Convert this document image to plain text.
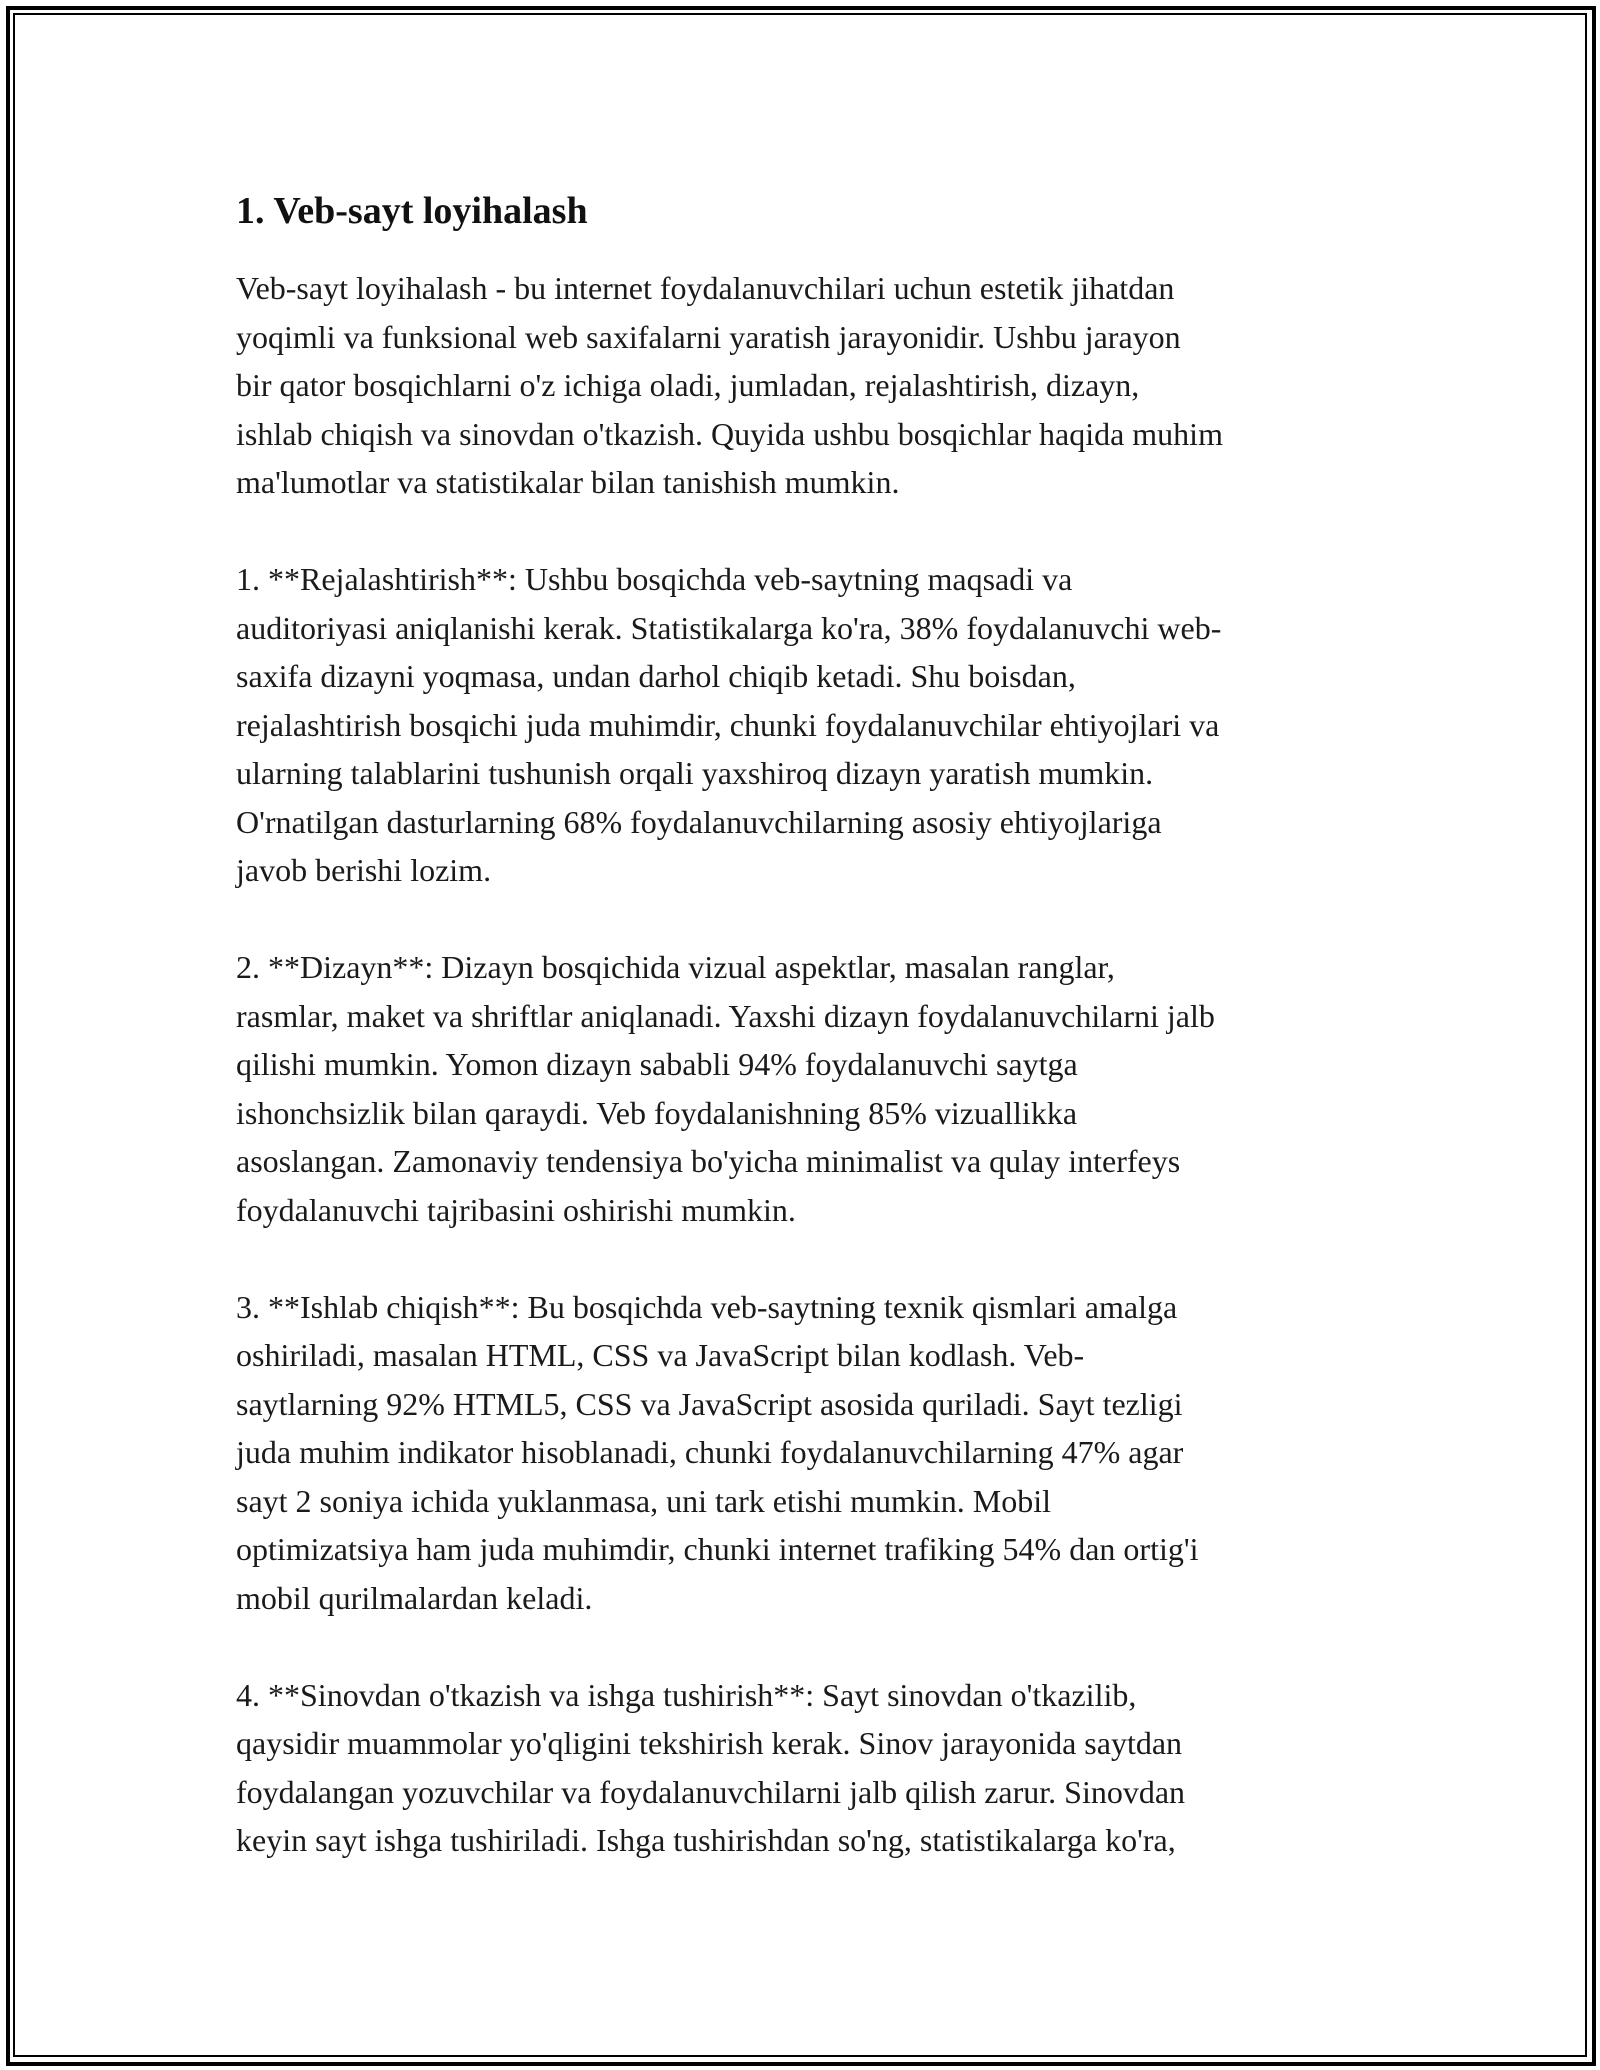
1. Veb-sayt loyihalash

Veb-sayt loyihalash - bu internet foydalanuvchilari uchun estetik jihatdan
yoqimli va funksional web saxifalarni yaratish jarayonidir. Ushbu jarayon
bir qator bosqichlarni o'z ichiga oladi, jumladan, rejalashtirish, dizayn,
ishlab chiqish va sinovdan o'tkazish. Quyida ushbu bosqichlar haqida muhim
ma'lumotlar va statistikalar bilan tanishish mumkin.

1. **Rejalashtirish**: Ushbu bosqichda veb-saytning maqsadi va
auditoriyasi aniqlanishi kerak. Statistikalarga ko'ra, 38% foydalanuvchi web-
saxifa dizayni yoqmasa, undan darhol chiqib ketadi. Shu boisdan,
rejalashtirish bosqichi juda muhimdir, chunki foydalanuvchilar ehtiyojlari va
ularning talablarini tushunish orqali yaxshiroq dizayn yaratish mumkin.
O'rnatilgan dasturlarning 68% foydalanuvchilarning asosiy ehtiyojlariga
javob berishi lozim.

2. **Dizayn**: Dizayn bosqichida vizual aspektlar, masalan ranglar,
rasmlar, maket va shriftlar aniqlanadi. Yaxshi dizayn foydalanuvchilarni jalb
qilishi mumkin. Yomon dizayn sababli 94% foydalanuvchi saytga
ishonchsizlik bilan qaraydi. Veb foydalanishning 85% vizuallikka
asoslangan. Zamonaviy tendensiya bo'yicha minimalist va qulay interfeys
foydalanuvchi tajribasini oshirishi mumkin.

3. **Ishlab chiqish**: Bu bosqichda veb-saytning texnik qismlari amalga
oshiriladi, masalan HTML, CSS va JavaScript bilan kodlash. Veb-
saytlarning 92% HTML5, CSS va JavaScript asosida quriladi. Sayt tezligi
juda muhim indikator hisoblanadi, chunki foydalanuvchilarning 47% agar
sayt 2 soniya ichida yuklanmasa, uni tark etishi mumkin. Mobil
optimizatsiya ham juda muhimdir, chunki internet trafiking 54% dan ortig'i
mobil qurilmalardan keladi.

4. **Sinovdan o'tkazish va ishga tushirish**: Sayt sinovdan o'tkazilib,
qaysidir muammolar yo'qligini tekshirish kerak. Sinov jarayonida saytdan
foydalangan yozuvchilar va foydalanuvchilarni jalb qilish zarur. Sinovdan
keyin sayt ishga tushiriladi. Ishga tushirishdan so'ng, statistikalarga ko'ra,
